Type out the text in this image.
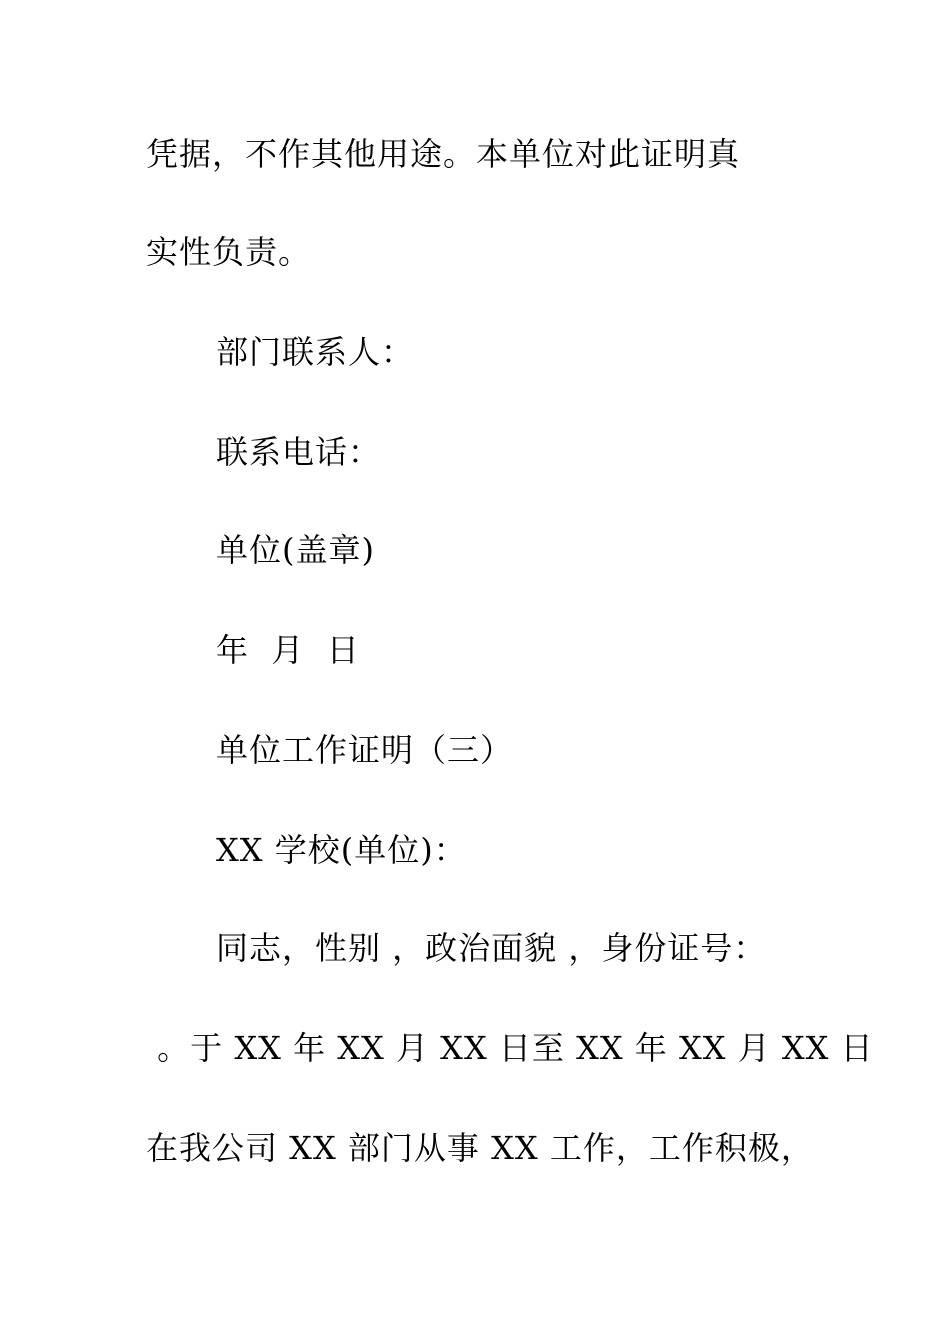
凭据，不作其他用途。本单位对此证明真
实性负责。
部门联系人：
联系电话：
单位(盖章)
年  月  日
单位工作证明（三）
XX 学校(单位)：
同志，性别 ，政治面貌 ，身份证号：
。于 XX 年 XX 月 XX 日至 XX 年 XX 月 XX 日
在我公司 XX 部门从事 XX 工作，工作积极，
